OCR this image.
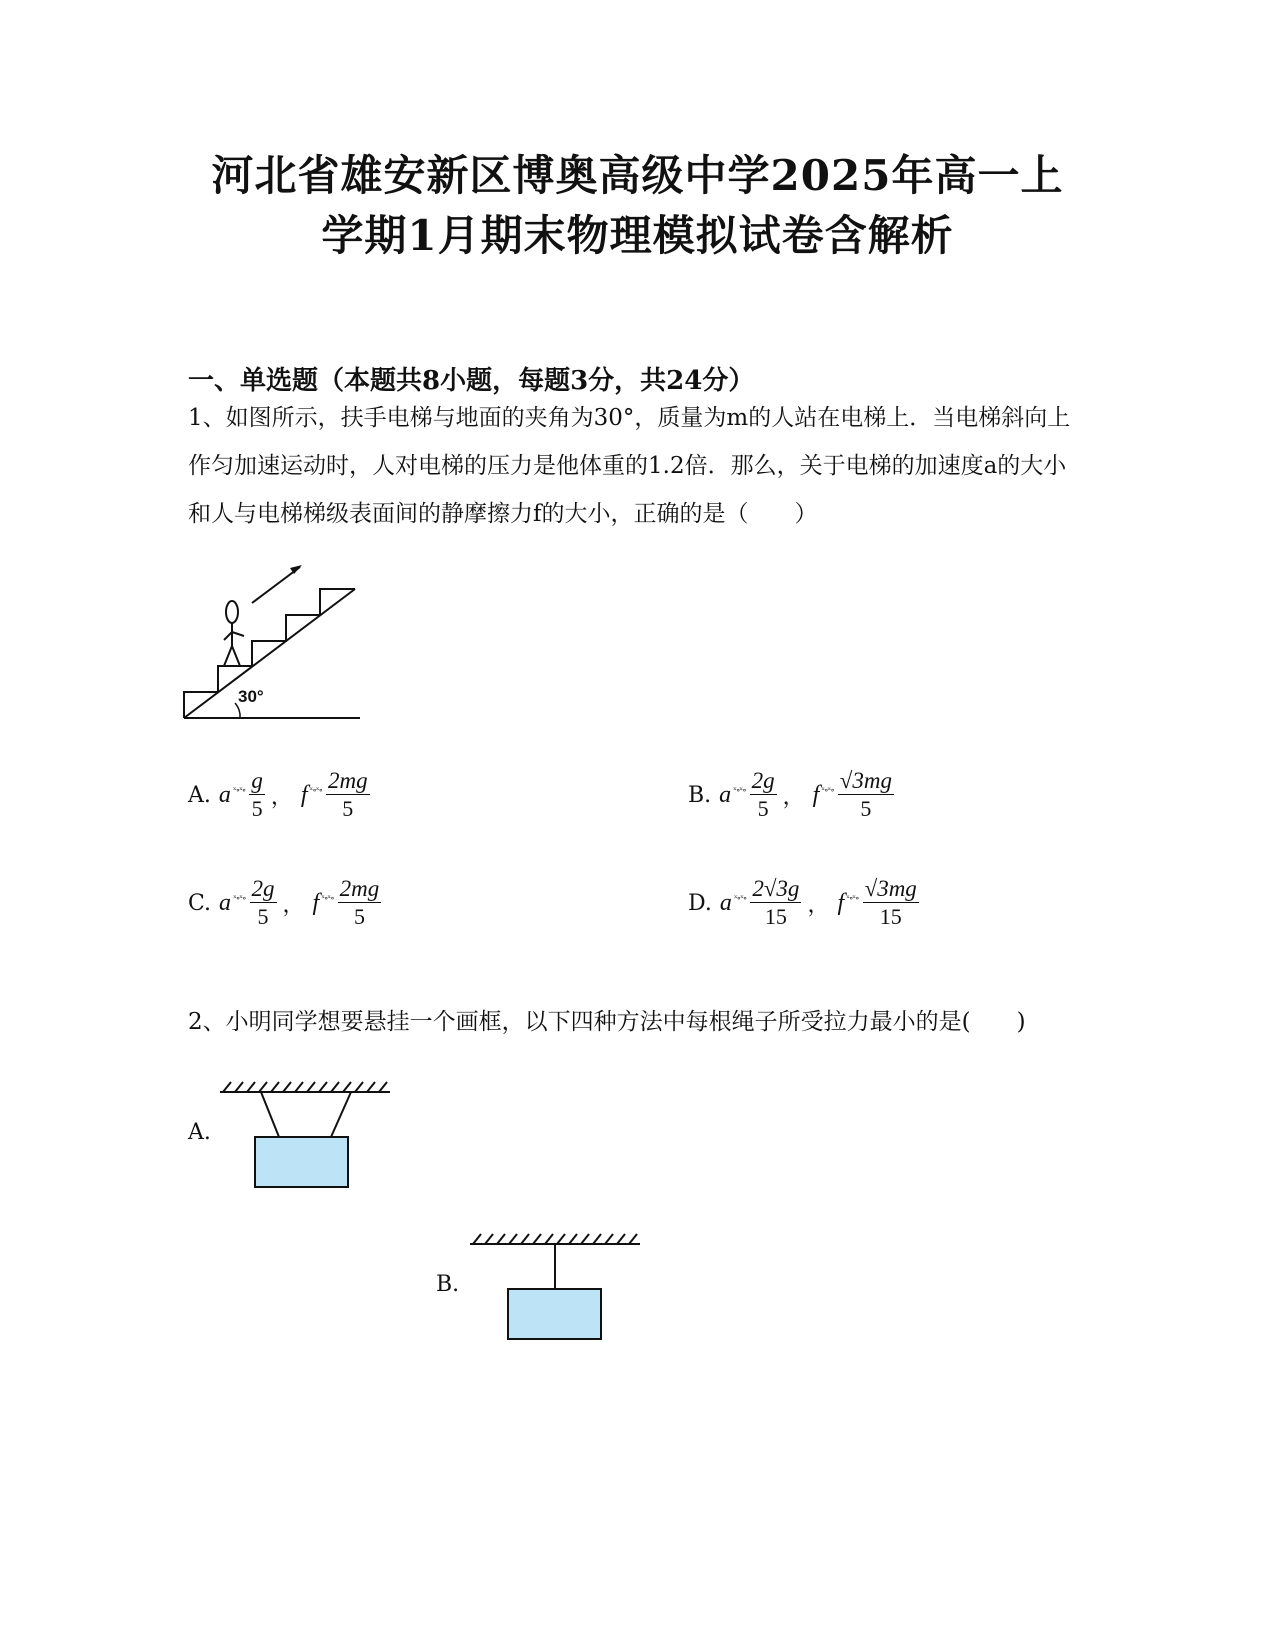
河北省雄安新区博奥高级中学2025年高一上
学期1月期末物理模拟试卷含解析
一、单选题（本题共8小题，每题3分，共24分）
1、如图所示，扶手电梯与地面的夹角为30°，质量为m的人站在电梯上．当电梯斜向上作匀加速运动时，人对电梯的压力是他体重的1.2倍．那么，关于电梯的加速度a的大小和人与电梯梯级表面间的静摩擦力f的大小，正确的是（　　）
30°
A. a ˣ∘ˣ∘ $\frac{g}{5}$ ， f ˣ∘ˣ∘ $\frac{2mg}{5}$	B. a ˣ∘ˣ∘ $\frac{2g}{5}$ ， f ˣ∘ˣ∘ $\frac{√3mg}{5}$
C. a ˣ∘ˣ∘ $\frac{2g}{5}$ ， f ˣ∘ˣ∘ $\frac{2mg}{5}$	D. a ˣ∘ˣ∘ $\frac{2√3g}{15}$ ， f ˣ∘ˣ∘ $\frac{√3mg}{15}$
2、小明同学想要悬挂一个画框，以下四种方法中每根绳子所受拉力最小的是(　　)
A.
B.
